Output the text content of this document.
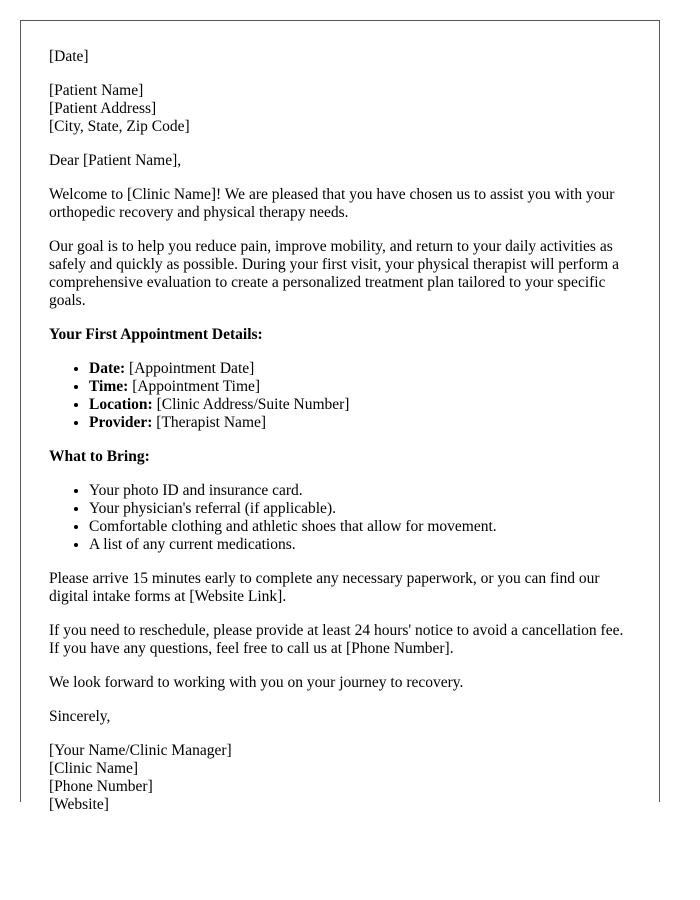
[Date]

[Patient Name]
[Patient Address]
[City, State, Zip Code]

Dear [Patient Name],

Welcome to [Clinic Name]! We are pleased that you have chosen us to assist you with your orthopedic recovery and physical therapy needs.

Our goal is to help you reduce pain, improve mobility, and return to your daily activities as safely and quickly as possible. During your first visit, your physical therapist will perform a comprehensive evaluation to create a personalized treatment plan tailored to your specific goals.

Your First Appointment Details:
• Date: [Appointment Date]
• Time: [Appointment Time]
• Location: [Clinic Address/Suite Number]
• Provider: [Therapist Name]
What to Bring:
• Your photo ID and insurance card.
• Your physician's referral (if applicable).
• Comfortable clothing and athletic shoes that allow for movement.
• A list of any current medications.

Please arrive 15 minutes early to complete any necessary paperwork, or you can find our digital intake forms at [Website Link].

If you need to reschedule, please provide at least 24 hours' notice to avoid a cancellation fee. If you have any questions, feel free to call us at [Phone Number].

We look forward to working with you on your journey to recovery.

Sincerely,

[Your Name/Clinic Manager]
[Clinic Name]
[Phone Number]
[Website]
